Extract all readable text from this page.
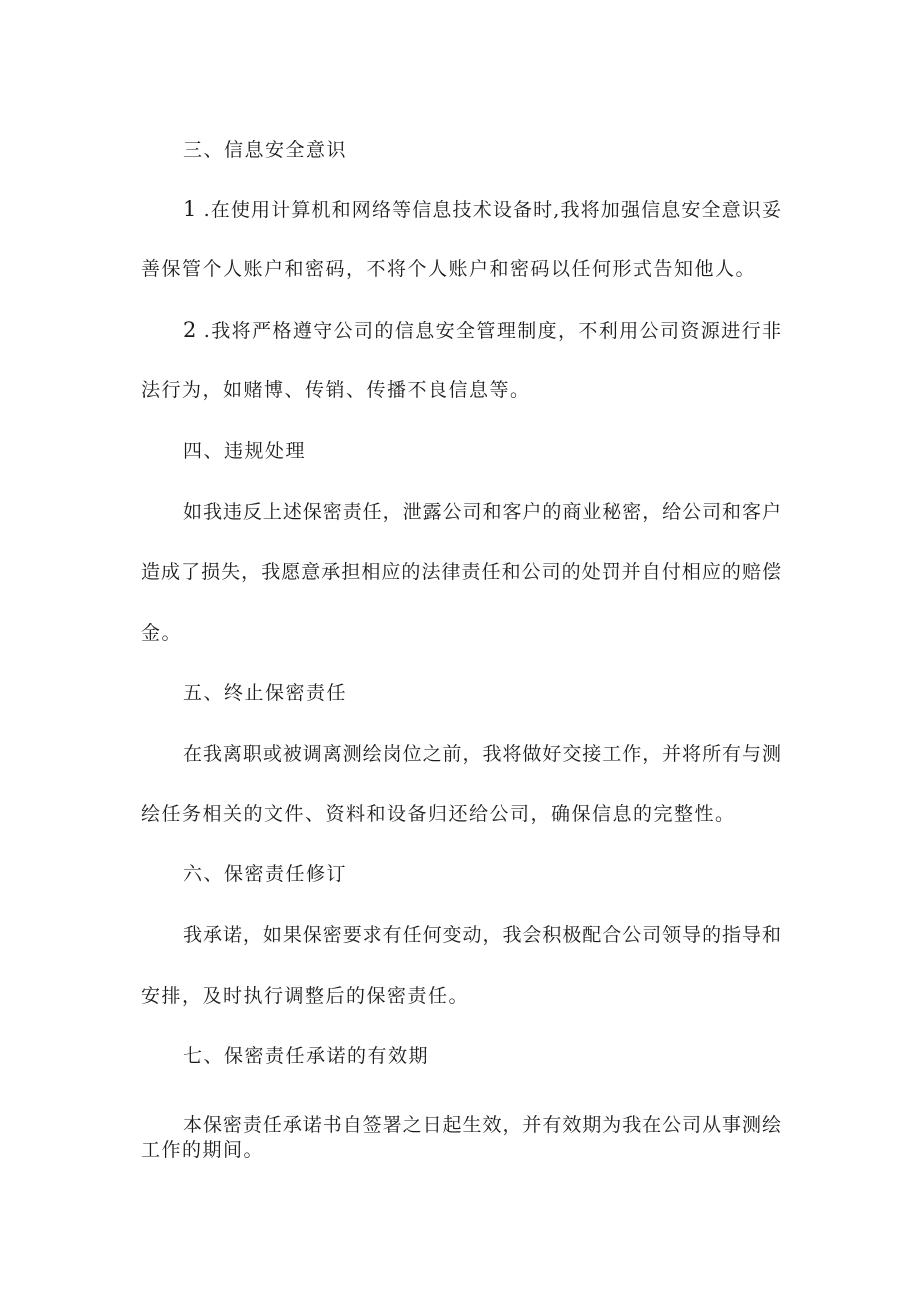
三、信息安全意识

1 .在使用计算机和网络等信息技术设备时,我将加强信息安全意识妥

善保管个人账户和密码，不将个人账户和密码以任何形式告知他人。

2 .我将严格遵守公司的信息安全管理制度，不利用公司资源进行非

法行为，如赌博、传销、传播不良信息等。

四、违规处理

如我违反上述保密责任，泄露公司和客户的商业秘密，给公司和客户

造成了损失，我愿意承担相应的法律责任和公司的处罚并自付相应的赔偿

金。

五、终止保密责任

在我离职或被调离测绘岗位之前，我将做好交接工作，并将所有与测

绘任务相关的文件、资料和设备归还给公司，确保信息的完整性。

六、保密责任修订

我承诺，如果保密要求有任何变动，我会积极配合公司领导的指导和

安排，及时执行调整后的保密责任。

七、保密责任承诺的有效期

本保密责任承诺书自签署之日起生效，并有效期为我在公司从事测绘

工作的期间。
